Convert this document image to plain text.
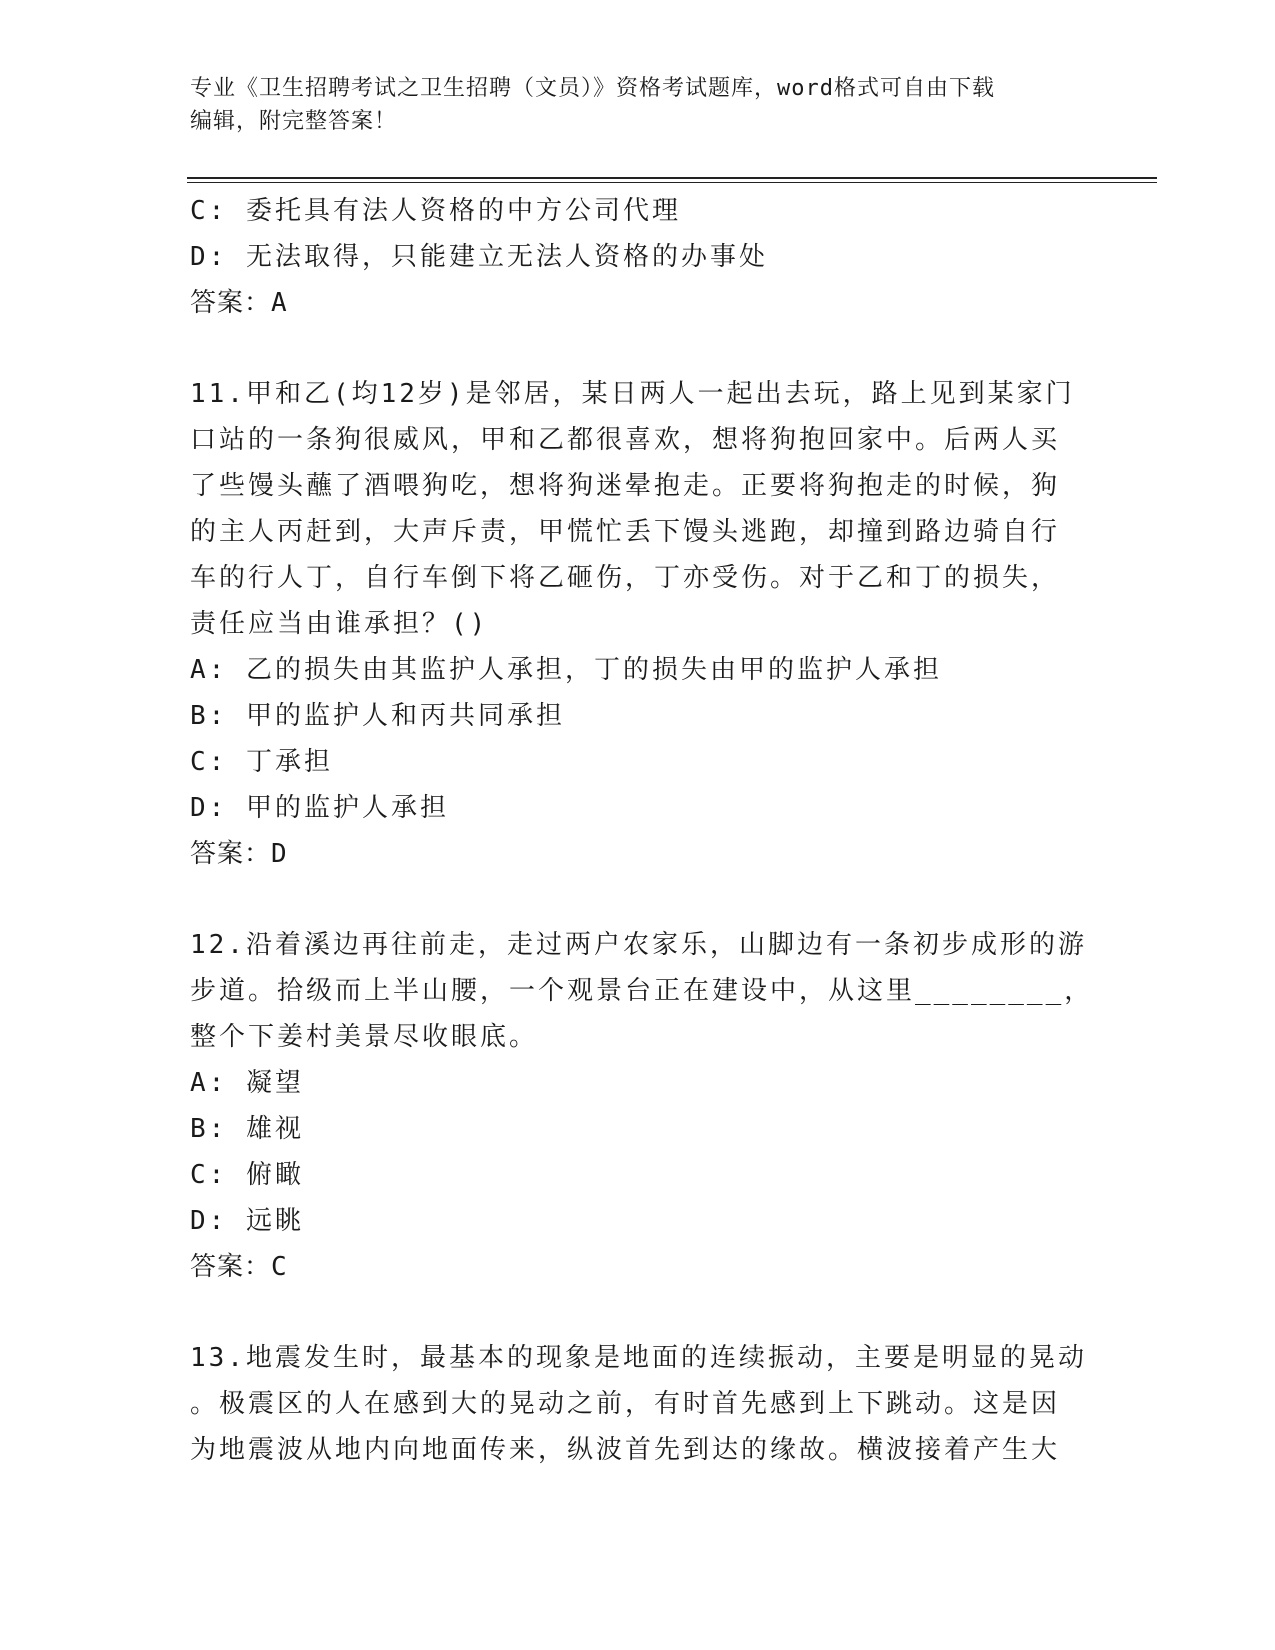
专业《卫生招聘考试之卫生招聘（文员）》资格考试题库，word格式可自由下载
编辑，附完整答案！
C: 委托具有法人资格的中方公司代理
D: 无法取得，只能建立无法人资格的办事处
答案：A
11.甲和乙(均12岁)是邻居，某日两人一起出去玩，路上见到某家门
口站的一条狗很威风，甲和乙都很喜欢，想将狗抱回家中。后两人买
了些馒头蘸了酒喂狗吃，想将狗迷晕抱走。正要将狗抱走的时候，狗
的主人丙赶到，大声斥责，甲慌忙丢下馒头逃跑，却撞到路边骑自行
车的行人丁，自行车倒下将乙砸伤，丁亦受伤。对于乙和丁的损失，
责任应当由谁承担？()
A: 乙的损失由其监护人承担，丁的损失由甲的监护人承担
B: 甲的监护人和丙共同承担
C: 丁承担
D: 甲的监护人承担
答案：D
12.沿着溪边再往前走，走过两户农家乐，山脚边有一条初步成形的游
步道。拾级而上半山腰，一个观景台正在建设中，从这里________，
整个下姜村美景尽收眼底。
A: 凝望
B: 雄视
C: 俯瞰
D: 远眺
答案：C
13.地震发生时，最基本的现象是地面的连续振动，主要是明显的晃动
。极震区的人在感到大的晃动之前，有时首先感到上下跳动。这是因
为地震波从地内向地面传来，纵波首先到达的缘故。横波接着产生大
